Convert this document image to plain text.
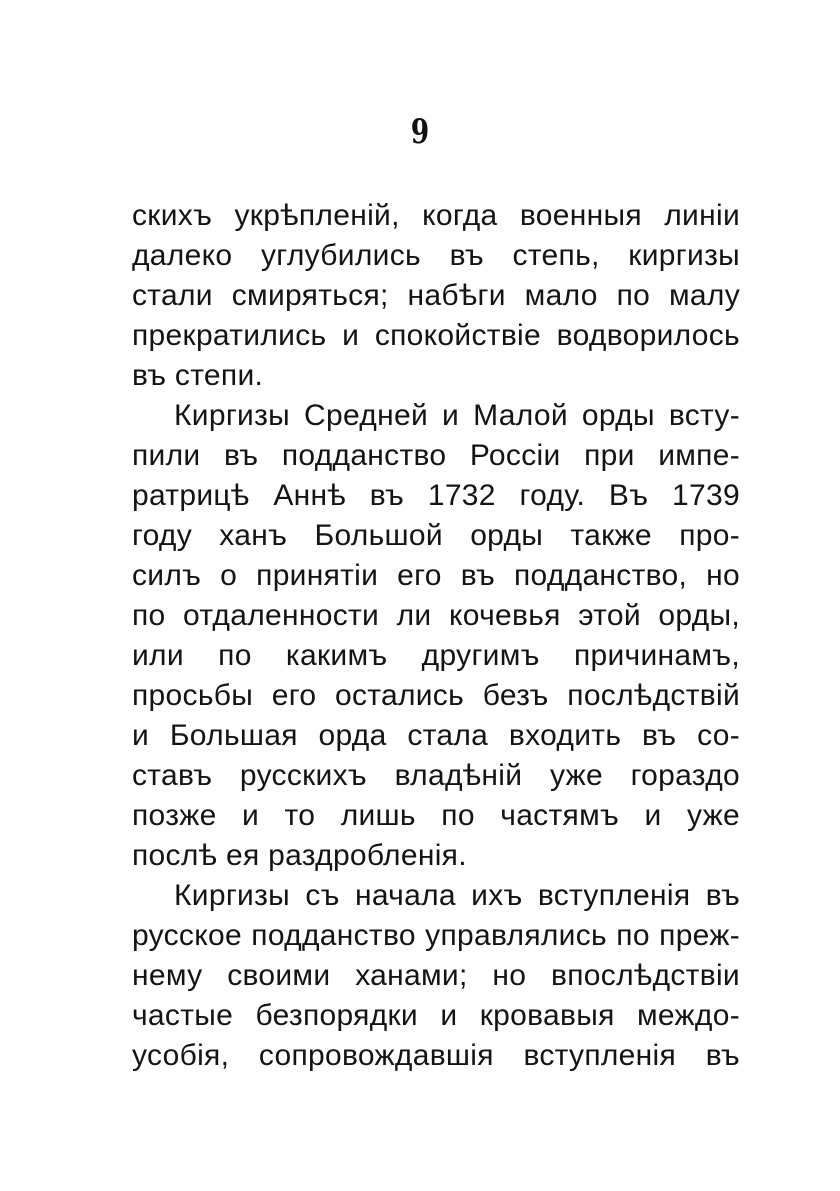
9
скихъ укрѣпленій, когда военныя линіи
далеко углубились въ степь, киргизы
стали смиряться; набѣги мало по малу
прекратились и спокойствіе водворилось
въ степи.
Киргизы Средней и Малой орды всту-
пили въ подданство Россіи при импе-
ратрицѣ Аннѣ въ 1732 году. Въ 1739
году ханъ Большой орды также про-
силъ о принятіи его въ подданство, но
по отдаленности ли кочевья этой орды,
или по какимъ другимъ причинамъ,
просьбы его остались безъ послѣдствій
и Большая орда стала входить въ со-
ставъ русскихъ владѣній уже гораздо
позже и то лишь по частямъ и уже
послѣ ея раздробленія.
Киргизы съ начала ихъ вступленія въ
русское подданство управлялись по преж-
нему своими ханами; но впослѣдствіи
частые безпорядки и кровавыя междо-
усобія, сопровождавшія вступленія въ
